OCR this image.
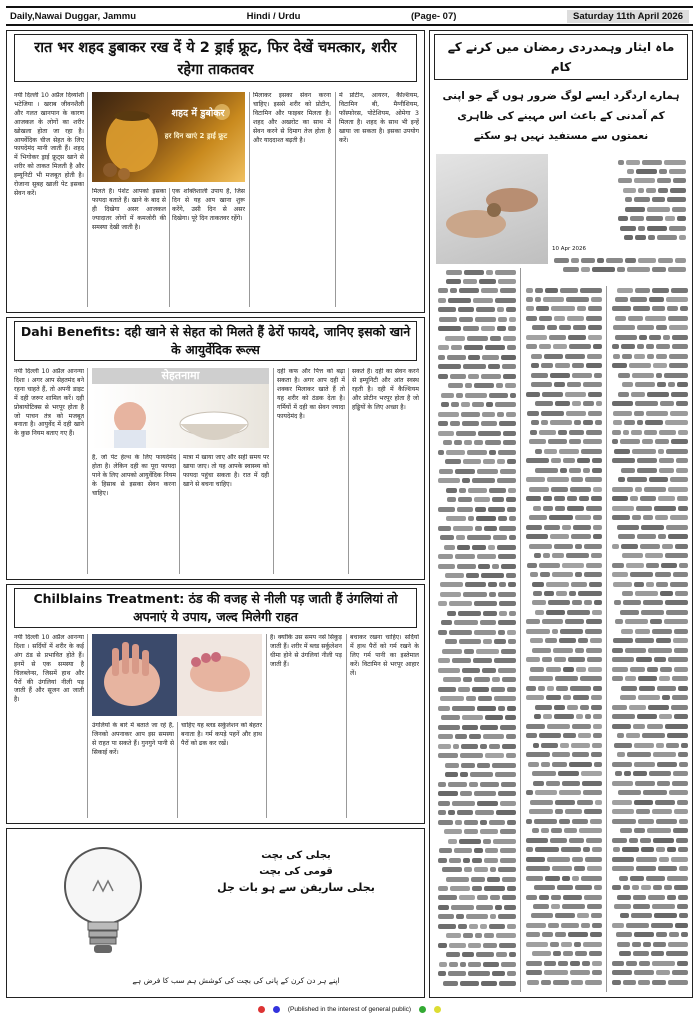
Daily,Nawai Duggar, Jammu	Hindi / Urdu	(Page- 07)	Saturday 11th April 2026
रात भर शहद डुबाकर रख दें ये 2 ड्राई फ्रूट, फिर देखें चमत्कार, शरीर रहेगा ताकतवर
नयी दिल्ली 10 अप्रैल दिव्यांशी भटेजिया । खराब जीवनशैली और गलत खानपान के कारण आजकल के लोगों का शरीर खोखला होता जा रहा है। आयर्वेदिक चीज सेहत के लिए फायदेमंद मानी जाती हैं। शहद में भिगोकर ड्राई फ्रूट्स खाने से शरीर को ताकत मिलती है और इम्यूनिटी भी मजबूत होती है। रोजाना सुबह खाली पेट इसका सेवन करें।
शहद में डुबोकर
हर दिन खाएं 2 ड्राई फ्रूट
मिलते हैं। पेशेंट आपको इसका फायदा बताते हैं। खाने के बाद से ही दिखेगा असर आजकल ज्यादातर लोगों में कमजोरी की समस्या देखी जाती है।
एक शक्तिशाली उपाय है, जिस दिन से यह आप खाना शुरू करेंगे, उसी दिन से असर दिखेगा। पूरे दिन ताकतवर रहेंगे।
मिलाकर इसका सेवन करना चाहिए। इससे शरीर को प्रोटीन, विटामिन और फाइबर मिलता है। शहद और अखरोट का साथ में सेवन करने से दिमाग तेज होता है और याददाश्त बढ़ती है।
में प्रोटीन, आयरन, कैल्शियम, विटामिन बी, मैग्नीशियम, फॉस्फोरस, पोटेशियम, ओमेगा 3 मिलता है। शहद के साथ भी इन्हें खाया जा सकता है। इसका उपयोग करें।
Dahi Benefits: दही खाने से सेहत को मिलते हैं ढेरों फायदे, जानिए इसको खाने के आयुर्वेदिक रूल्स
नयी दिल्ली 10 अप्रैल आनन्या दिशा । अगर आप सेहतमंद बने रहना चाहते हैं, तो अपनी डाइट में दही जरूर शामिल करें। दही प्रोबायोटिक्स से भरपूर होता है जो पाचन तंत्र को मजबूत बनाता है। आयुर्वेद में दही खाने के कुछ नियम बताए गए हैं।
सेहतनामा
है, जो पेट हेल्थ के लिए फायदेमंद होता है। लेकिन दही का पूरा फायदा पाने के लिए आपको आयुर्वेदिक नियम के हिसाब से इसका सेवन करना चाहिए।
मात्रा में खाया जाए और सही समय पर खाया जाए। तो यह आपके स्वास्थ्य को फायदा पहुंचा सकता है। रात में दही खाने से बचना चाहिए।
दही कफ और पित्त को बढ़ा सकता है। अगर आप दही में शक्कर मिलाकर खाते हैं तो यह शरीर को ठंडक देता है। गर्मियों में दही का सेवन ज्यादा फायदेमंद है।
सकते हैं। दही का सेवन करने से इम्यूनिटी और आंत स्वस्थ रहती है। दही में कैल्शियम और प्रोटीन भरपूर होता है जो हड्डियों के लिए अच्छा है।
Chilblains Treatment: ठंड की वजह से नीली पड़ जाती हैं उंगलियां तो अपनाएं ये उपाय, जल्द मिलेगी राहत
नयी दिल्ली 10 अप्रैल आनन्या दिशा । सर्दियों में शरीर के कई अंग ठंड से प्रभावित होते हैं। इनमें से एक समस्या है चिलब्लेन्स, जिसमें हाथ और पैरों की उंगलियां नीली पड़ जाती हैं और सूजन आ जाती है।
उंगलियों के बारे में बताते जा रहे हैं, जिनको अपनाकर आप इस समस्या से राहत पा सकते हैं। गुनगुने पानी से सिकाई करें।
चाहिए यह ब्लड सर्कुलेशन को बेहतर बनाता है। गर्म कपड़े पहनें और हाथ पैरों को ढक कर रखें।
है। क्योंकि उस समय नसें सिकुड़ जाती हैं। शरीर में ब्लड सर्कुलेशन धीमा होने से उंगलियां नीली पड़ जाती हैं।
बचाकर रखना चाहिए। सर्दियों में हाथ पैरों को गर्म रखने के लिए गर्म पानी का इस्तेमाल करें। विटामिन से भरपूर आहार लें।
بجلی کی بچت
قومی کی بچت
بجلی ساریفن سے ہو بات جل
اپنے ہر دن کرن کے پانی کی بچت کی کوشش ہم سب کا فرض ہے
ماہ ایثار وہمدردی رمضان میں کرنے کے کام
ہمارے اردگرد ایسے لوگ ضرور ہوں گے جو اپنی کم آمدنی کے باعث اس مہینے کی ظاہری نعمتوں سے مستفید نہیں ہو سکتے
10 Apr 2026
(Published in the interest of general public)
